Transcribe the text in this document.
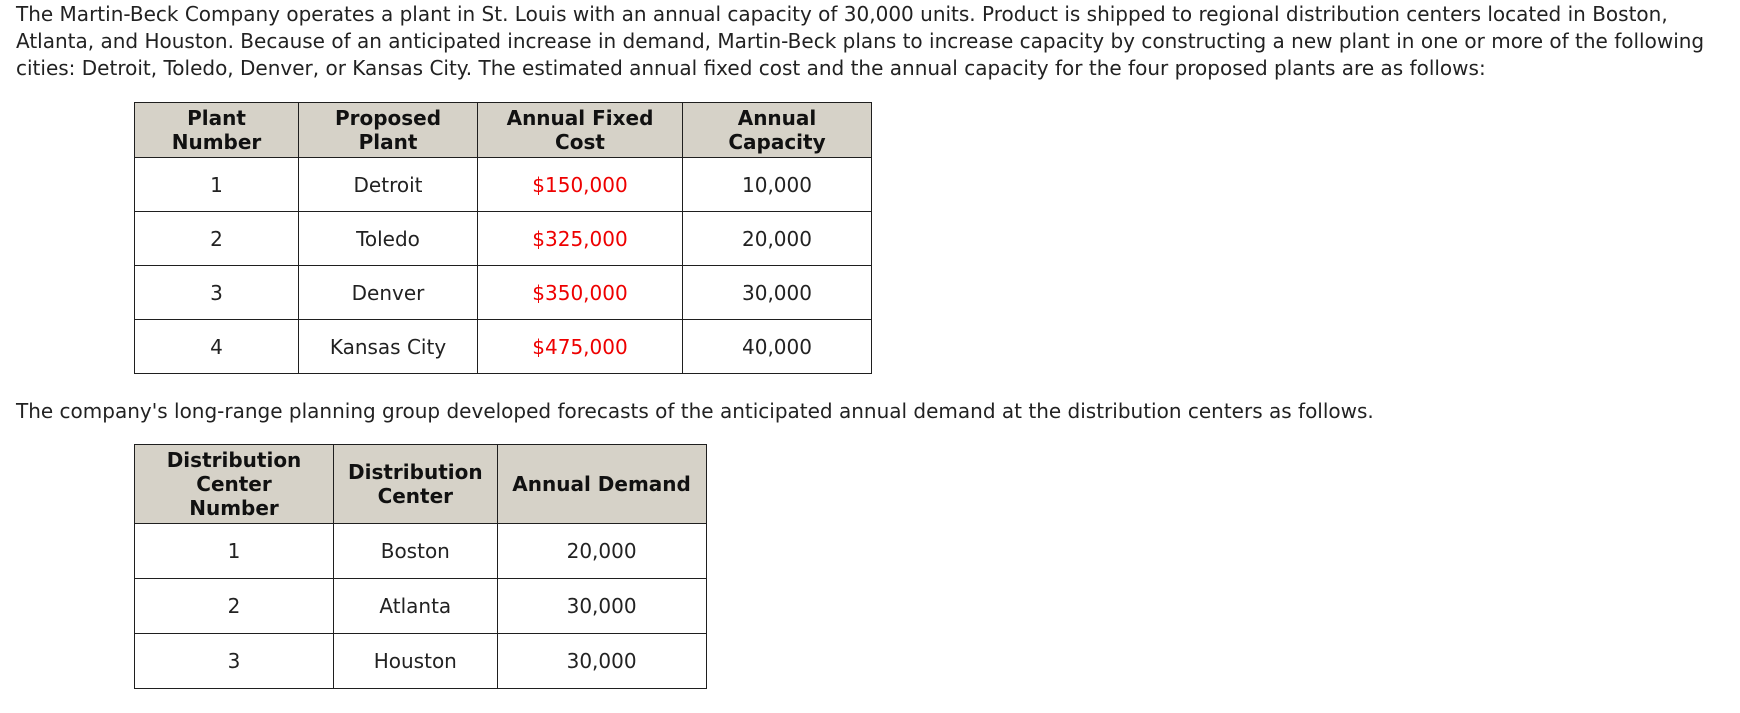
The Martin-Beck Company operates a plant in St. Louis with an annual capacity of 30,000 units. Product is shipped to regional distribution centers located in Boston, Atlanta, and Houston. Because of an anticipated increase in demand, Martin-Beck plans to increase capacity by constructing a new plant in one or more of the following cities: Detroit, Toledo, Denver, or Kansas City. The estimated annual fixed cost and the annual capacity for the four proposed plants are as follows:

Plant Number	Proposed Plant	Annual Fixed Cost	Annual Capacity
1	Detroit	$150,000	10,000
2	Toledo	$325,000	20,000
3	Denver	$350,000	30,000
4	Kansas City	$475,000	40,000

The company's long-range planning group developed forecasts of the anticipated annual demand at the distribution centers as follows.

Distribution Center Number	Distribution Center	Annual Demand
1	Boston	20,000
2	Atlanta	30,000
3	Houston	30,000
